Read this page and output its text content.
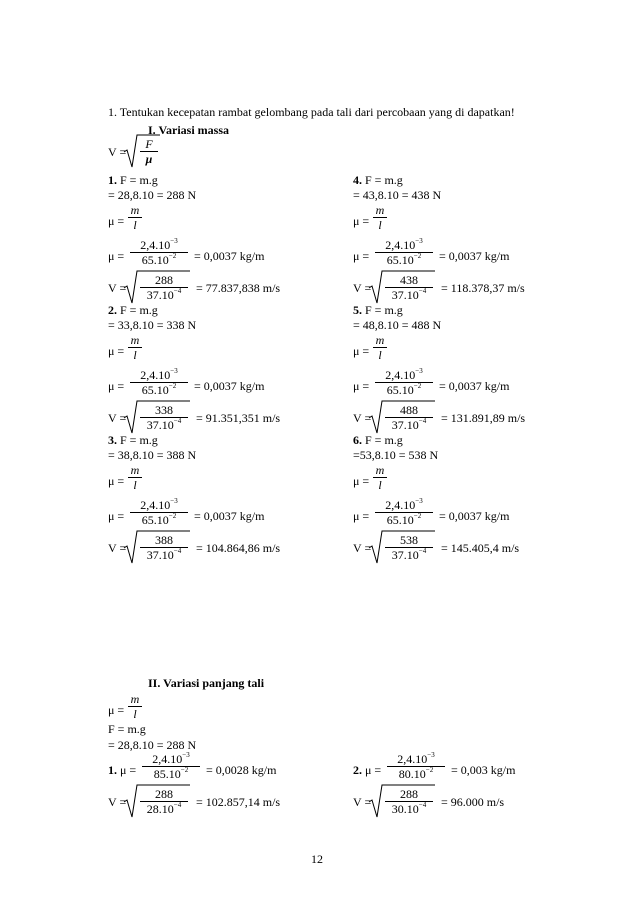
1. Tentukan kecepatan rambat gelombang pada tali dari percobaan yang di dapatkan!
I. Variasi massa
$V = \frac{F}{\mu}$
1. F = m.g
= 28,8.10 = 288 N
$\mu = \frac{m}{l}$
$\mu = \frac{2,4.10^{-3}}{65.10^{-2}} = 0,0037$ kg/m
$V = \frac{288}{37.10^{-4}} = 77.837,838$ m/s
4. F = m.g
= 43,8.10 = 438 N
$\mu = \frac{m}{l}$
$\mu = \frac{2,4.10^{-3}}{65.10^{-2}} = 0,0037$ kg/m
$V = \frac{438}{37.10^{-4}} = 118.378,37$ m/s
2. F = m.g
= 33,8.10 = 338 N
$\mu = \frac{m}{l}$
$\mu = \frac{2,4.10^{-3}}{65.10^{-2}} = 0,0037$ kg/m
$V = \frac{338}{37.10^{-4}} = 91.351,351$ m/s
5. F = m.g
= 48,8.10 = 488 N
$\mu = \frac{m}{l}$
$\mu = \frac{2,4.10^{-3}}{65.10^{-2}} = 0,0037$ kg/m
$V = \frac{488}{37.10^{-4}} = 131.891,89$ m/s
3. F = m.g
= 38,8.10 = 388 N
$\mu = \frac{m}{l}$
$\mu = \frac{2,4.10^{-3}}{65.10^{-2}} = 0,0037$ kg/m
$V = \frac{388}{37.10^{-4}} = 104.864,86$ m/s
6. F = m.g
=53,8.10 = 538 N
$\mu = \frac{m}{l}$
$\mu = \frac{2,4.10^{-3}}{65.10^{-2}} = 0,0037$ kg/m
$V = \frac{538}{37.10^{-4}} = 145.405,4$ m/s
II. Variasi panjang tali
$\mu = \frac{m}{l}$
F = m.g
= 28,8.10 = 288 N
1. $\mu = \frac{2,4.10^{-3}}{85.10^{-2}} = 0,0028$ kg/m
$V = \frac{288}{28.10^{-4}} = 102.857,14$ m/s
2. $\mu = \frac{2,4.10^{-3}}{80.10^{-2}} = 0,003$ kg/m
$V = \frac{288}{30.10^{-4}} = 96.000$ m/s
12
